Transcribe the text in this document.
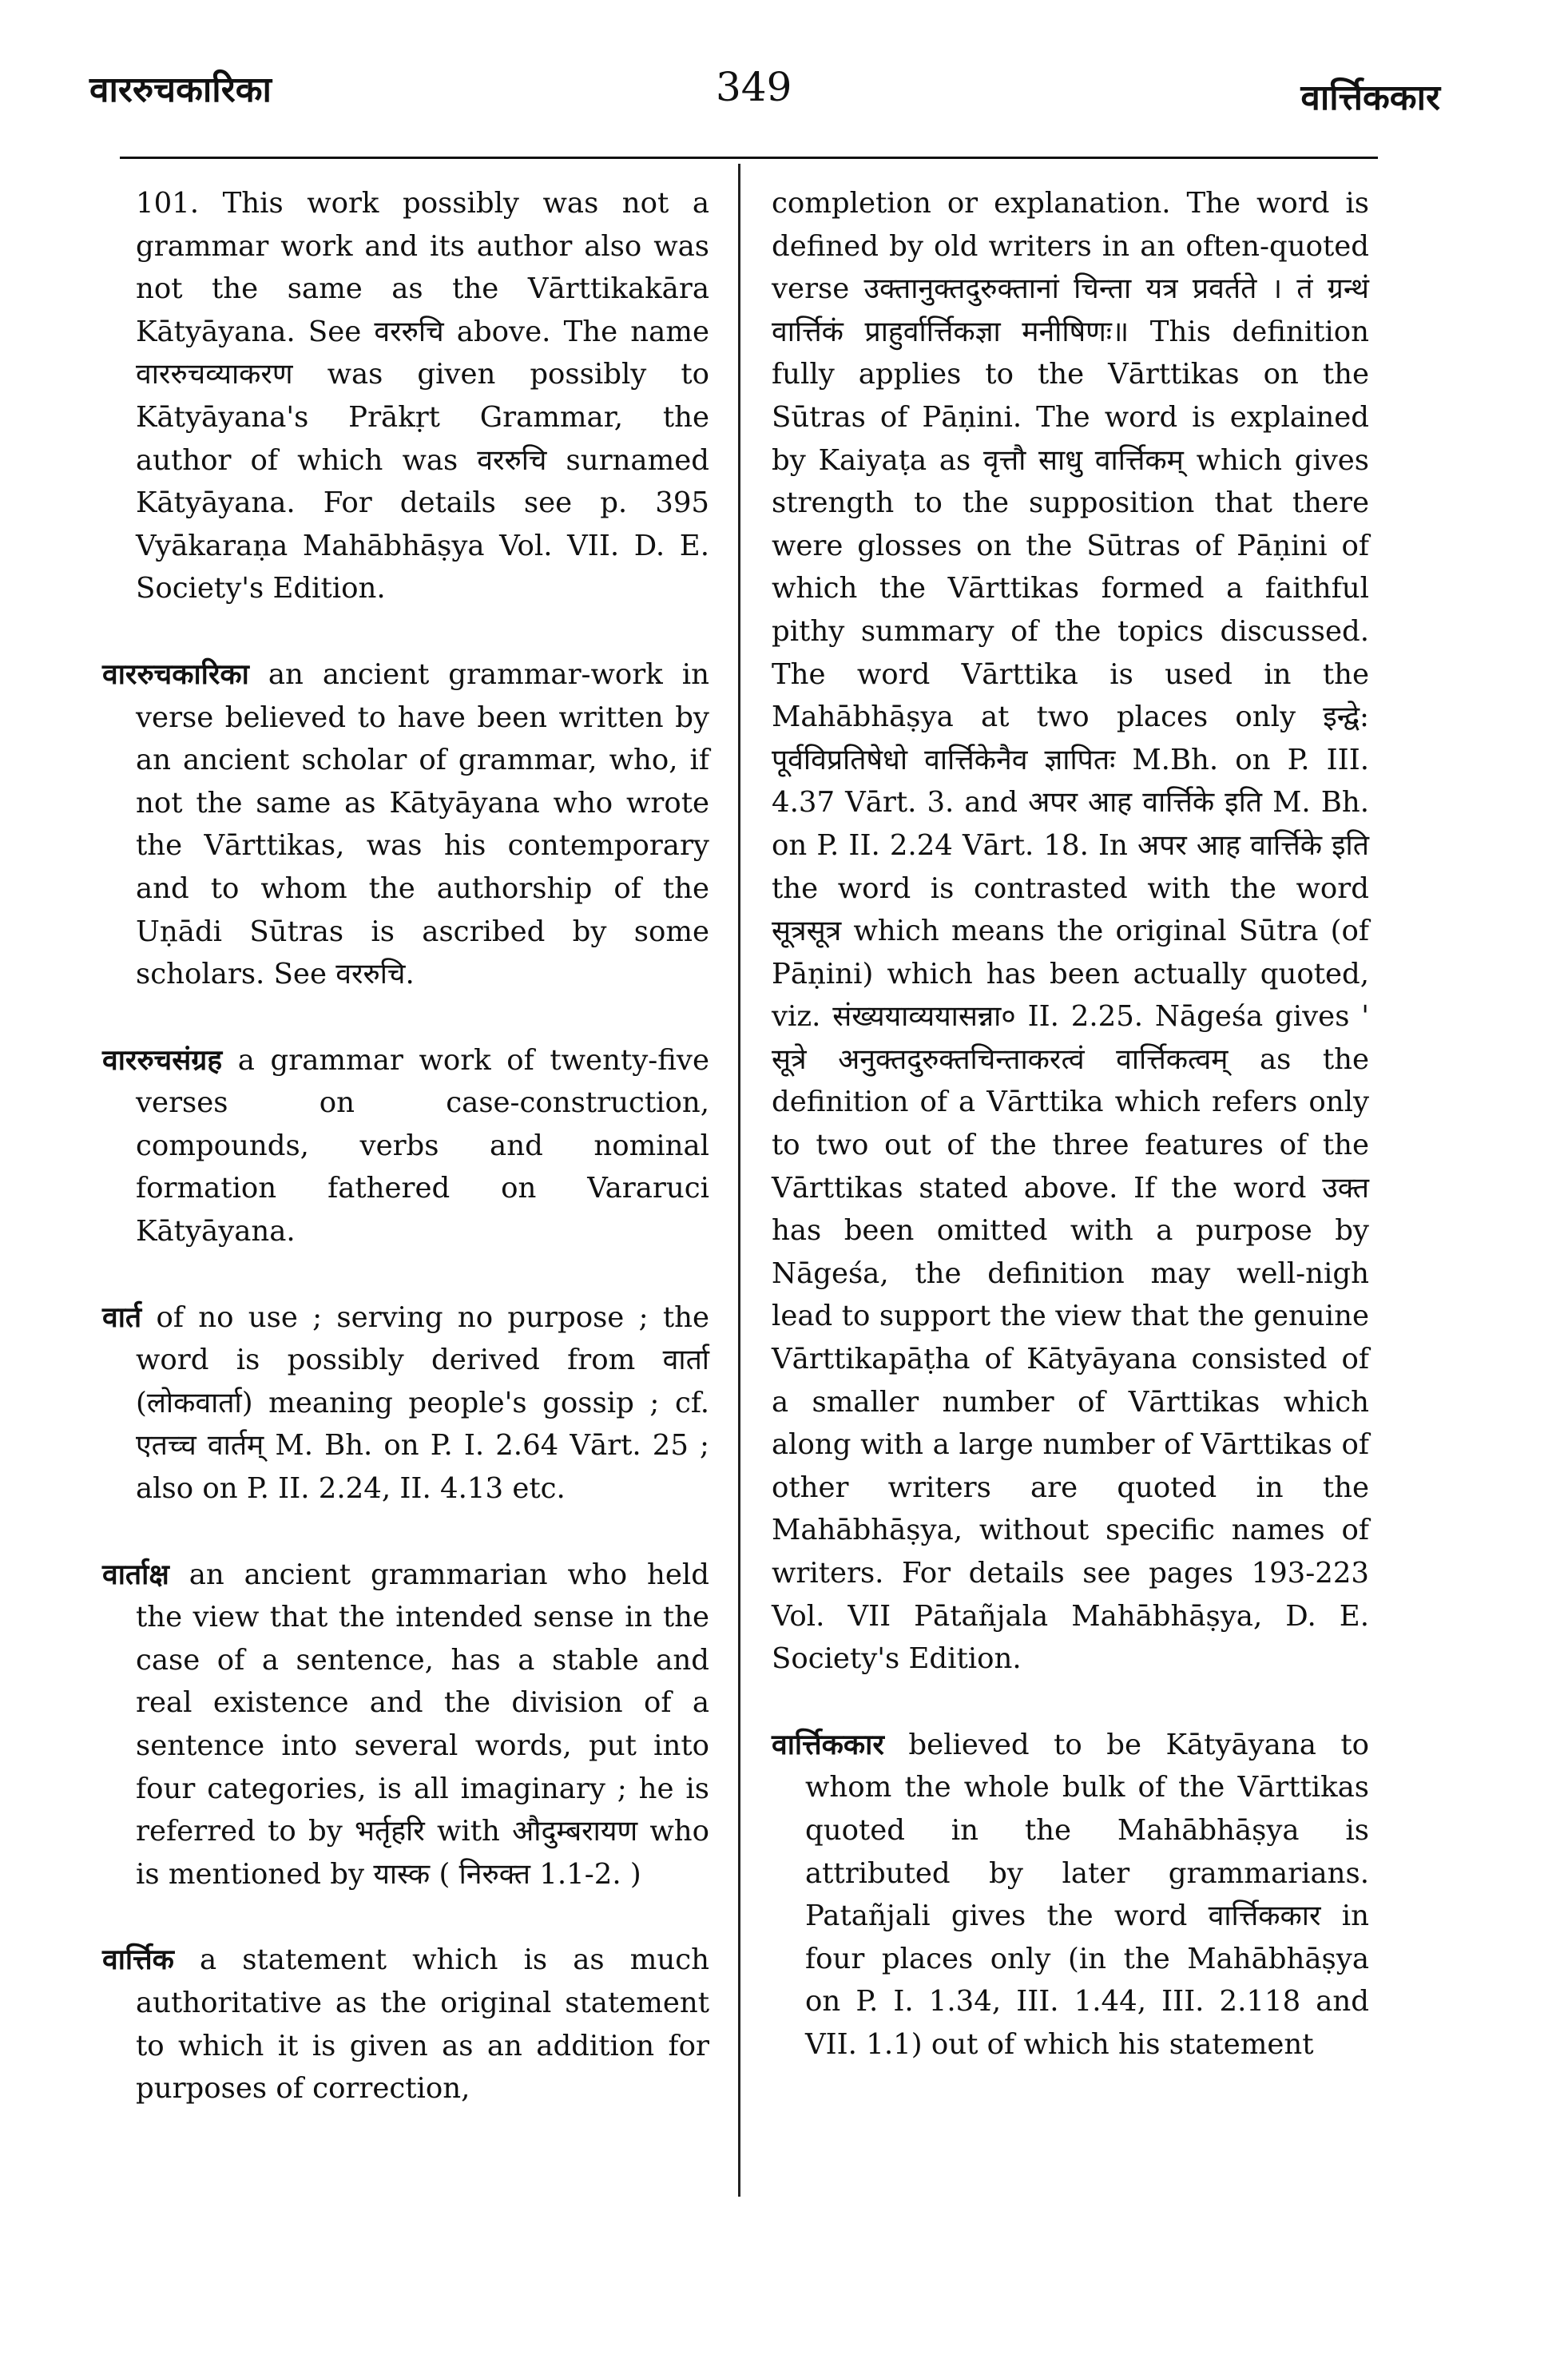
वाररुचकारिका	349	वार्त्तिककार

101. This work possibly was not a grammar work and its author also was not the same as the Vārttikakāra Kātyāyana. See वररुचि above. The name वाररुचव्याकरण was given possibly to Kātyāyana's Prākṛt Grammar, the author of which was वररुचि surnamed Kātyāyana. For details see p. 395 Vyākaraṇa Mahābhāṣya Vol. VII. D. E. Society's Edition.

वाररुचकारिका an ancient grammar-work in verse believed to have been written by an ancient scholar of grammar, who, if not the same as Kātyāyana who wrote the Vārttikas, was his contemporary and to whom the authorship of the Uṇādi Sūtras is ascribed by some scholars. See वररुचि.

वाररुचसंग्रह a grammar work of twenty-five verses on case-construction, compounds, verbs and nominal formation fathered on Vararuci Kātyāyana.

वार्त of no use ; serving no purpose ; the word is possibly derived from वार्ता (लोकवार्ता) meaning people's gossip ; cf. एतच्च वार्तम् M. Bh. on P. I. 2.64 Vārt. 25 ; also on P. II. 2.24, II. 4.13 etc.

वार्ताक्ष an ancient grammarian who held the view that the intended sense in the case of a sentence, has a stable and real existence and the division of a sentence into several words, put into four categories, is all imaginary ; he is referred to by भर्तृहरि with औदुम्बरायण who is mentioned by यास्क ( निरुक्त 1.1-2. )

वार्त्तिक a statement which is as much authoritative as the original statement to which it is given as an addition for purposes of correction,

completion or explanation. The word is defined by old writers in an often-quoted verse उक्तानुक्तदुरुक्तानां चिन्ता यत्र प्रवर्तते । तं ग्रन्थं वार्त्तिकं प्राहुर्वार्त्तिकज्ञा मनीषिणः॥ This definition fully applies to the Vārttikas on the Sūtras of Pāṇini. The word is explained by Kaiyaṭa as वृत्तौ साधु वार्त्तिकम् which gives strength to the supposition that there were glosses on the Sūtras of Pāṇini of which the Vārttikas formed a faithful pithy summary of the topics discussed. The word Vārttika is used in the Mahābhāṣya at two places only इन्द्वे: पूर्वविप्रतिषेधो वार्त्तिकेनैव ज्ञापितः M.Bh. on P. III. 4.37 Vārt. 3. and अपर आह वार्त्तिके इति M. Bh. on P. II. 2.24 Vārt. 18. In अपर आह वार्त्तिके इति the word is contrasted with the word सूत्रसूत्र which means the original Sūtra (of Pāṇini) which has been actually quoted, viz. संख्ययाव्ययासन्ना० II. 2.25. Nāgeśa gives ' सूत्रे अनुक्तदुरुक्तचिन्ताकरत्वं वार्त्तिकत्वम् as the definition of a Vārttika which refers only to two out of the three features of the Vārttikas stated above. If the word उक्त has been omitted with a purpose by Nāgeśa, the definition may well-nigh lead to support the view that the genuine Vārttikapāṭha of Kātyāyana consisted of a smaller number of Vārttikas which along with a large number of Vārttikas of other writers are quoted in the Mahābhāṣya, without specific names of writers. For details see pages 193-223 Vol. VII Pātañjala Mahābhāṣya, D. E. Society's Edition.

वार्त्तिककार believed to be Kātyāyana to whom the whole bulk of the Vārttikas quoted in the Mahābhāṣya is attributed by later grammarians. Patañjali gives the word वार्त्तिककार in four places only (in the Mahābhāṣya on P. I. 1.34, III. 1.44, III. 2.118 and VII. 1.1) out of which his statement
